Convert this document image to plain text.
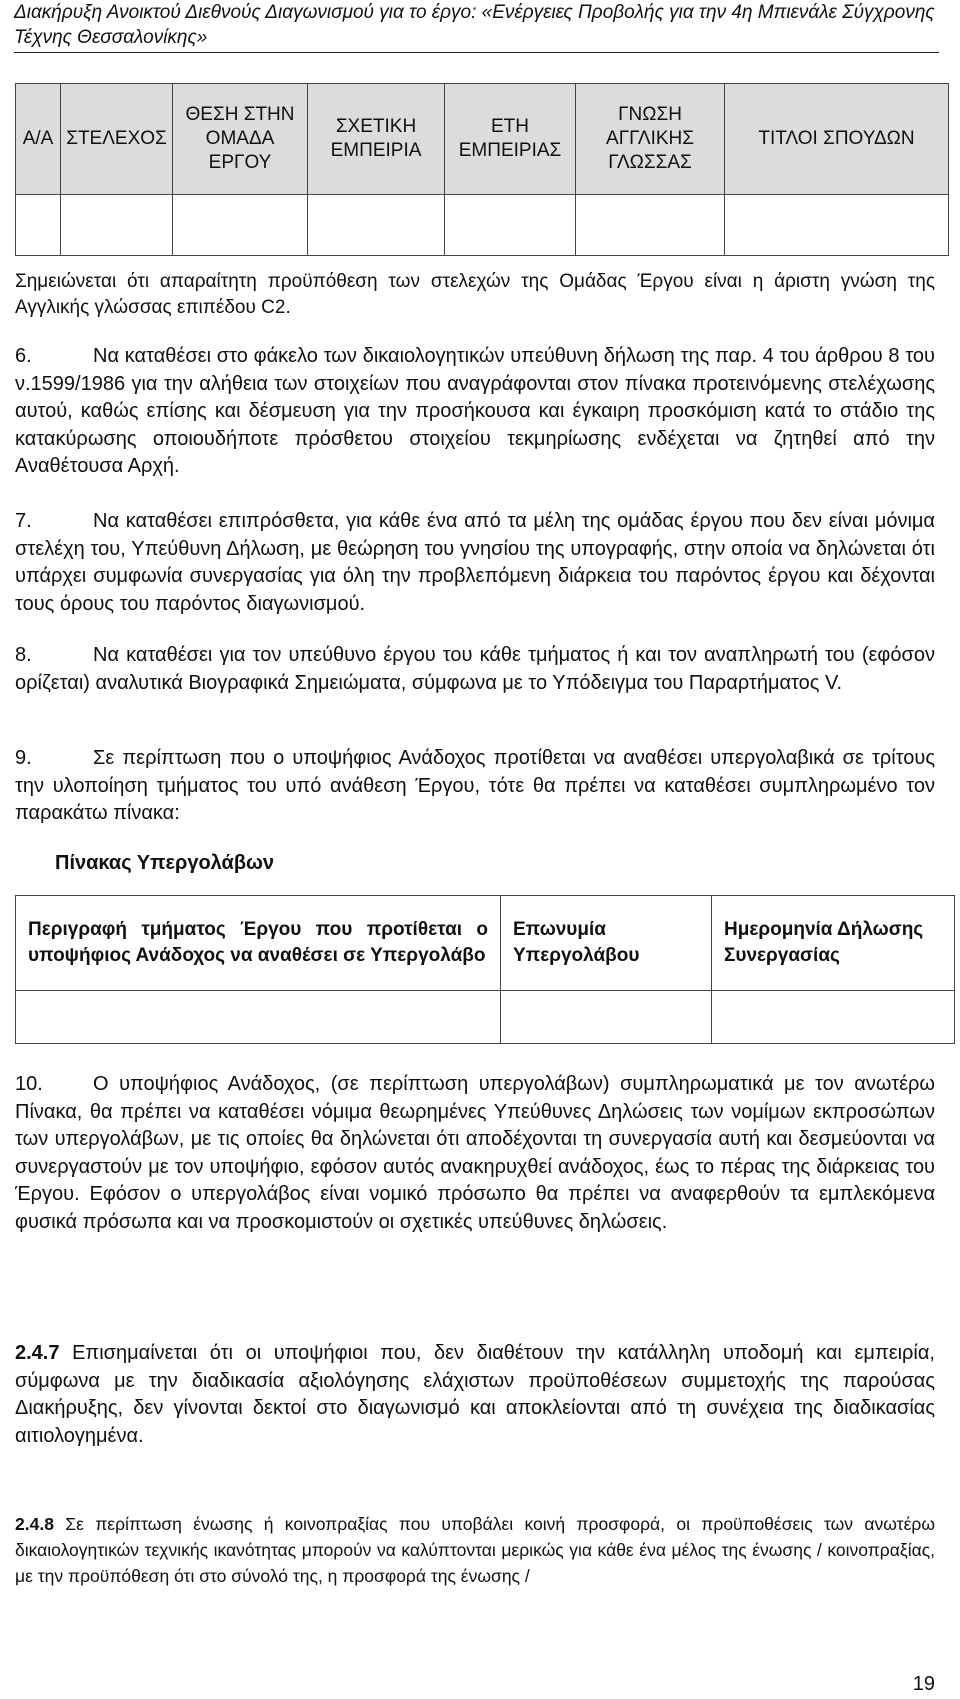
Διακήρυξη Ανοικτού Διεθνούς Διαγωνισμού για το έργο: «Ενέργειες Προβολής για την 4η Μπιενάλε Σύγχρονης Τέχνης Θεσσαλονίκης»
Α/Α	ΣΤΕΛΕΧΟΣ	ΘΕΣΗ ΣΤΗΝ ΟΜΑΔΑ ΕΡΓΟΥ	ΣΧΕΤΙΚΗ ΕΜΠΕΙΡΙΑ	ΕΤΗ ΕΜΠΕΙΡΙΑΣ	ΓΝΩΣΗ ΑΓΓΛΙΚΗΣ ΓΛΩΣΣΑΣ	ΤΙΤΛΟΙ ΣΠΟΥΔΩΝ

Σημειώνεται ότι απαραίτητη προϋπόθεση των στελεχών της Ομάδας Έργου είναι η άριστη γνώση της Αγγλικής γλώσσας επιπέδου C2.

6.	Να καταθέσει στο φάκελο των δικαιολογητικών υπεύθυνη δήλωση της παρ. 4 του άρθρου 8 του ν.1599/1986 για την αλήθεια των στοιχείων που αναγράφονται στον πίνακα προτεινόμενης στελέχωσης αυτού, καθώς επίσης και δέσμευση για την προσήκουσα και έγκαιρη προσκόμιση κατά το στάδιο της κατακύρωσης οποιουδήποτε πρόσθετου στοιχείου τεκμηρίωσης ενδέχεται να ζητηθεί από την Αναθέτουσα Αρχή.

7.	Να καταθέσει επιπρόσθετα, για κάθε ένα από τα μέλη της ομάδας έργου που δεν είναι μόνιμα στελέχη του, Υπεύθυνη Δήλωση, με θεώρηση του γνησίου της υπογραφής, στην οποία να δηλώνεται ότι υπάρχει συμφωνία συνεργασίας για όλη την προβλεπόμενη διάρκεια του παρόντος έργου και δέχονται τους όρους του παρόντος διαγωνισμού.

8.	Να καταθέσει για τον υπεύθυνο έργου του κάθε τμήματος ή και τον αναπληρωτή του (εφόσον ορίζεται) αναλυτικά Βιογραφικά Σημειώματα, σύμφωνα με το Υπόδειγμα του Παραρτήματος V.

9.	Σε περίπτωση που ο υποψήφιος Ανάδοχος προτίθεται να αναθέσει υπεργολαβικά σε τρίτους την υλοποίηση τμήματος του υπό ανάθεση Έργου, τότε θα πρέπει να καταθέσει συμπληρωμένο τον παρακάτω πίνακα:

Πίνακας Υπεργολάβων
Περιγραφή τμήματος Έργου που προτίθεται ο υποψήφιος Ανάδοχος να αναθέσει σε Υπεργολάβο	Επωνυμία Υπεργολάβου	Ημερομηνία Δήλωσης Συνεργασίας

10.	Ο υποψήφιος Ανάδοχος, (σε περίπτωση υπεργολάβων) συμπληρωματικά με τον ανωτέρω Πίνακα, θα πρέπει να καταθέσει νόμιμα θεωρημένες Υπεύθυνες Δηλώσεις των νομίμων εκπροσώπων των υπεργολάβων, με τις οποίες θα δηλώνεται ότι αποδέχονται τη συνεργασία αυτή και δεσμεύονται να συνεργαστούν με τον υποψήφιο, εφόσον αυτός ανακηρυχθεί ανάδοχος, έως το πέρας της διάρκειας του Έργου. Εφόσον ο υπεργολάβος είναι νομικό πρόσωπο θα πρέπει να αναφερθούν τα εμπλεκόμενα φυσικά πρόσωπα και να προσκομιστούν οι σχετικές υπεύθυνες δηλώσεις.

2.4.7 Επισημαίνεται ότι οι υποψήφιοι που, δεν διαθέτουν την κατάλληλη υποδομή και εμπειρία, σύμφωνα με την διαδικασία αξιολόγησης ελάχιστων προϋποθέσεων συμμετοχής της παρούσας Διακήρυξης, δεν γίνονται δεκτοί στο διαγωνισμό και αποκλείονται από τη συνέχεια της διαδικασίας αιτιολογημένα.

2.4.8 Σε περίπτωση ένωσης ή κοινοπραξίας που υποβάλει κοινή προσφορά, οι προϋποθέσεις των ανωτέρω δικαιολογητικών τεχνικής ικανότητας μπορούν να καλύπτονται μερικώς για κάθε ένα μέλος της ένωσης / κοινοπραξίας, με την προϋπόθεση ότι στο σύνολό της, η προσφορά της ένωσης /

19
